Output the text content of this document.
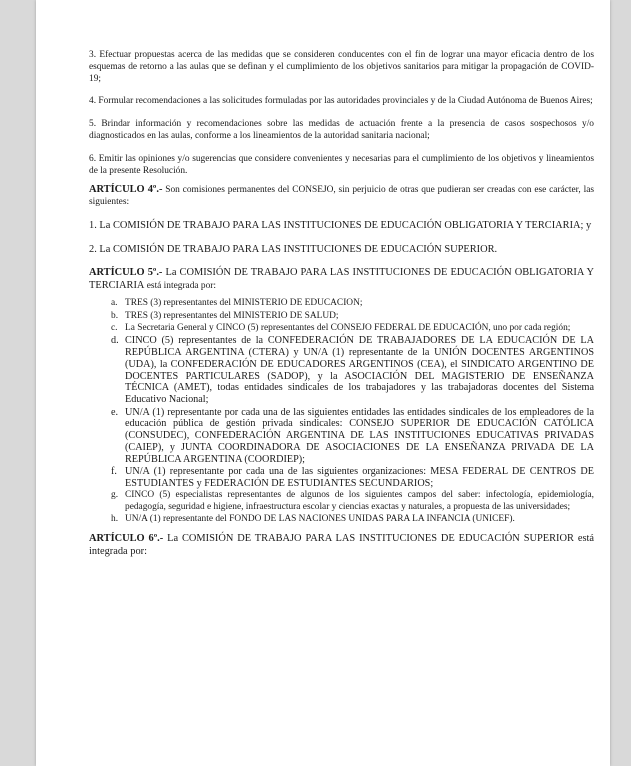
3. Efectuar propuestas acerca de las medidas que se consideren conducentes con el fin de lograr una mayor eficacia dentro de los esquemas de retorno a las aulas que se definan y el cumplimiento de los objetivos sanitarios para mitigar la propagación de COVID-19;

4. Formular recomendaciones a las solicitudes formuladas por las autoridades provinciales y de la Ciudad Autónoma de Buenos Aires;

5. Brindar información y recomendaciones sobre las medidas de actuación frente a la presencia de casos sospechosos y/o diagnosticados en las aulas, conforme a los lineamientos de la autoridad sanitaria nacional;

6. Emitir las opiniones y/o sugerencias que considere convenientes y necesarias para el cumplimiento de los objetivos y lineamientos de la presente Resolución.

ARTÍCULO 4º.- Son comisiones permanentes del CONSEJO, sin perjuicio de otras que pudieran ser creadas con ese carácter, las siguientes:

1. La COMISIÓN DE TRABAJO PARA LAS INSTITUCIONES DE EDUCACIÓN OBLIGATORIA Y TERCIARIA; y

2. La COMISIÓN DE TRABAJO PARA LAS INSTITUCIONES DE EDUCACIÓN SUPERIOR.

ARTÍCULO 5º.- La COMISIÓN DE TRABAJO PARA LAS INSTITUCIONES DE EDUCACIÓN OBLIGATORIA Y TERCIARIA está integrada por:

a. TRES (3) representantes del MINISTERIO DE EDUCACION;
b. TRES (3) representantes del MINISTERIO DE SALUD;
c. La Secretaria General y CINCO (5) representantes del CONSEJO FEDERAL DE EDUCACIÓN, uno por cada región;
d. CINCO (5) representantes de la CONFEDERACIÓN DE TRABAJADORES DE LA EDUCACIÓN DE LA REPÚBLICA ARGENTINA (CTERA) y UN/A (1) representante de la UNIÓN DOCENTES ARGENTINOS (UDA), la CONFEDERACIÓN DE EDUCADORES ARGENTINOS (CEA), el SINDICATO ARGENTINO DE DOCENTES PARTICULARES (SADOP), y la ASOCIACIÓN DEL MAGISTERIO DE ENSEÑANZA TÉCNICA (AMET), todas entidades sindicales de los trabajadores y las trabajadoras docentes del Sistema Educativo Nacional;
e. UN/A (1) representante por cada una de las siguientes entidades las entidades sindicales de los empleadores de la educación pública de gestión privada sindicales: CONSEJO SUPERIOR DE EDUCACIÓN CATÓLICA (CONSUDEC), CONFEDERACIÓN ARGENTINA DE LAS INSTITUCIONES EDUCATIVAS PRIVADAS (CAIEP), y JUNTA COORDINADORA DE ASOCIACIONES DE LA ENSEÑANZA PRIVADA DE LA REPÚBLICA ARGENTINA (COORDIEP);
f. UN/A (1) representante por cada una de las siguientes organizaciones: MESA FEDERAL DE CENTROS DE ESTUDIANTES y FEDERACIÓN DE ESTUDIANTES SECUNDARIOS;
g. CINCO (5) especialistas representantes de algunos de los siguientes campos del saber: infectología, epidemiología, pedagogía, seguridad e higiene, infraestructura escolar y ciencias exactas y naturales, a propuesta de las universidades;
h. UN/A (1) representante del FONDO DE LAS NACIONES UNIDAS PARA LA INFANCIA (UNICEF).

ARTÍCULO 6º.- La COMISIÓN DE TRABAJO PARA LAS INSTITUCIONES DE EDUCACIÓN SUPERIOR está integrada por:
